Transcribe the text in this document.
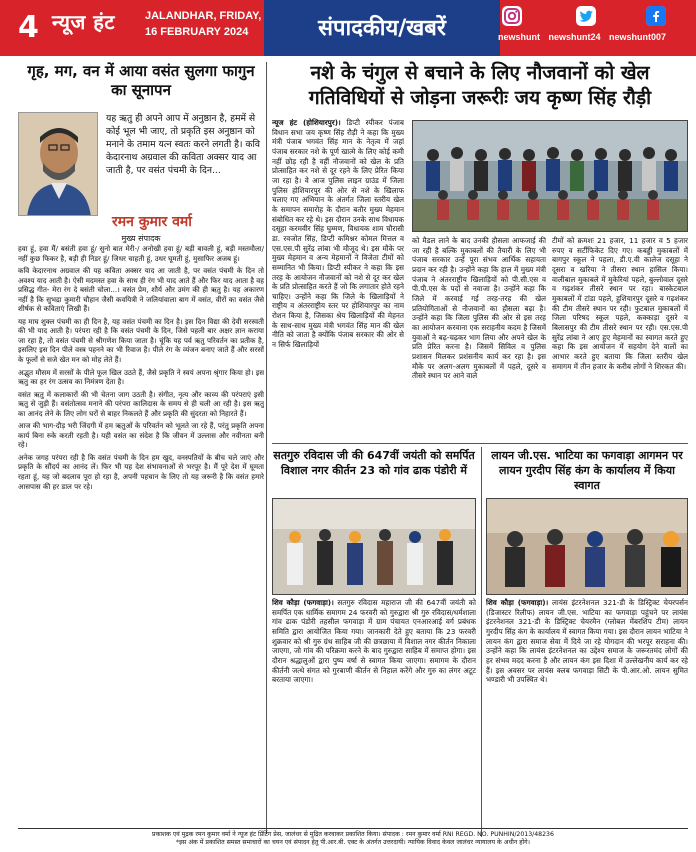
4 न्यूज हंट	JALANDHAR, FRIDAY,
16 FEBRUARY 2024	संपादकीय/खबरें	newshunt newshunt24 newshunt007
गृह, मग, वन में आया वसंत सुलगा फागुन का सूनापन
यह ऋतु ही अपने आप में अनुष्ठान है, हममें से कोई भूल भी जाए, तो प्रकृति इस अनुष्ठान को मनाने के तमाम यत्न स्वतः करने लगती है। कवि केदारनाथ अग्रवाल की कविता अक्सर याद आ जाती है, पर वसंत पंचमी के दिन...
रमन कुमार वर्मा
मुख्य संपादक

हवा हूं, हवा मैं/ बसंती हवा हूं/ सुनो बात मेरी-/ अनोखी हवा हूं/ बड़ी बावली हूं, बड़ी मस्तमौला/ नहीं कुछ फिकर है, बड़ी ही निडर हूं/ जिधर चाहती हूं, उधर घूमती हूं, मुसाफिर अजब हूं।

कवि केदारनाथ अग्रवाल की यह कविता अक्सर याद आ जाती है, पर वसंत पंचमी के दिन तो अवश्य याद आती है। ऐसी मदमस्त हवा के साथ ही रंग भी याद आते हैं और फिर याद आता है वह प्रसिद्ध गीत- मेरा रंग दे बसंती चोला...। वसंत प्रेम, शौर्य और उमंग की ही ऋतु है। यह अकारण नहीं है कि सुभद्रा कुमारी चौहान जैसी कवयित्री ने जलियांवाला बाग में वसंत, वीरों का वसंत जैसे शीर्षक से कविताएं लिखी हैं।

यह माघ शुक्ल पंचमी का ही दिन है, यह वसंत पंचमी का दिन है। इस दिन विद्या की देवी सरस्वती की भी याद आती है। परंपरा रही है कि वसंत पंचमी के दिन, जिसे पहली बार अक्षर ज्ञान कराया जा रहा है, तो वसंत पंचमी से श्रीगणेश किया जाता है। चूंकि यह पर्व ऋतु परिवर्तन का प्रतीक है, इसलिए इस दिन पीले वस्त्र पहनने का भी रिवाज है। पीले रंग के व्यंजन बनाए जाते हैं और सरसों के फूलों से सजे खेत मन को मोह लेते हैं।

अद्भुत मौसम में सरसों के पीले फूल खिल उठते हैं, जैसे प्रकृति ने स्वयं अपना श्रृंगार किया हो। इस ऋतु का हर रंग उत्सव का निमंत्रण देता है।

वसंत ऋतु में कलाकारों की भी चेतना जाग उठती है। संगीत, नृत्य और काव्य की परंपराएं इसी ऋतु से जुड़ी हैं। वसंतोत्सव मनाने की परंपरा कालिदास के समय से ही चली आ रही है। इस ऋतु का आनंद लेने के लिए लोग घरों से बाहर निकलते हैं और प्रकृति की सुंदरता को निहारते हैं।

आज की भाग-दौड़ भरी जिंदगी में हम ऋतुओं के परिवर्तन को भूलते जा रहे हैं, परंतु प्रकृति अपना कार्य बिना रुके करती रहती है। यही वसंत का संदेश है कि जीवन में उल्लास और नवीनता बनी रहे।

अनेक जगह परंपरा रही है कि वसंत पंचमी के दिन हम खुद, वनस्पतियों के बीच चले जाएं और प्रकृति के सौंदर्य का आनंद लें। फिर भी यह देश संभावनाओं से भरपूर है। मैं पूरे देश में घूमता रहता हूं, यह जो बदलाव पूरा हो रहा है, अपनी पहचान के लिए तो यह जरूरी है कि वसंत हमारे आसपास की हर डाल पर रहे।

नशे के चंगुल से बचाने के लिए नौजवानों को खेल गतिविधियों से जोड़ना जरूरीः जय कृष्ण सिंह रौड़ी
न्यूज हंट (होशियारपुर)। डिप्टी स्पीकर पंजाब विधान सभा जय कृष्ण सिंह रौड़ी ने कहा कि मुख्य मंत्री पंजाब भगवंत सिंह मान के नेतृत्व में जहां पंजाब सरकार नशे के पूर्ण खात्मे के लिए कोई कमी नहीं छोड़ रही है वहीं नौजवानों को खेल के प्रति प्रोत्साहित कर नशे से दूर रहने के लिए प्रेरित किया जा रहा है। वे आज पुलिस लाइन ग्राउंड में जिला पुलिस होशियारपुर की ओर से नशे के खिलाफ चलाए गए अभियान के अंतर्गत जिला स्तरीय खेल के समापन समारोह के दौरान बतौर मुख्य मेहमान संबोधित कर रहे थे। इस दौरान उनके साथ विधायक दसूहा करमवीर सिंह घुम्मण, विधायक शाम चौरासी डा. रवजोत सिंह, डिप्टी कमिश्नर कोमल मित्तल व एस.एस.पी सुरेंद्र लांबा भी मौजूद थे। इस मौके पर मुख्य मेहमान व अन्य मेहमानों ने विजेता टीमों को सम्मानित भी किया। डिप्टी स्पीकर ने कहा कि इस तरह के आयोजन नौजवानों को नशे से दूर कर खेल के प्रति प्रोत्साहित करते हैं जो कि लगातार होते रहने चाहिए। उन्होंने कहा कि जिले के खिलाड़ियों ने राष्ट्रीय व अंतरराष्ट्रीय स्तर पर होशियारपुर का नाम रोशन किया है, जिसका श्रेय खिलाड़ियों की मेहनत के साथ-साथ मुख्य मंत्री भगवंत सिंह मान की खेल नीति को जाता है क्योंकि पंजाब सरकार की ओर से न सिर्फ खिलाड़ियों
को मैडल लाने के बाद उनकी हौसला आफजाई की जा रही है बल्कि मुकाबलों की तैयारी के लिए भी पंजाब सरकार उन्हें पूरा संभव आर्थिक सहायता प्रदान कर रही है। उन्होंने कहा कि हाल में मुख्य मंत्री पंजाब ने अंतरराष्ट्रीय खिलाड़ियों को पी.सी.एस व पी.पी.एस के पदों से नवाजा है। उन्होंने कहा कि जिले में करवाई गई तरह-तरह की खेल प्रतियोगिताओं से नौजवानों का हौसला बढ़ा है। उन्होंने कहा कि जिला पुलिस की ओर से इस तरह का आयोजन करवाना एक सराहनीय कदम है जिसमें युवाओं ने बढ़-चढ़कर भाग लिया और अपने खेल के प्रति प्रेरित करना है। जिसमें सिविल व पुलिस प्रशासन मिलकर प्रशंसनीय कार्य कर रहा है। इस मौके पर अलग-अलग मुकाबलों में पहले, दूसरे व तीसरे स्थान पर आने वाले
टीमों को क्रमशः 21 हजार, 11 हजार व 5 हजार रुपए व सर्टीफिकेट दिए गए। कबड्डी मुकाबलों में बागपुर स्कूल ने पहला, डी.ए.वी कालेज दसूहा ने दूसरा व खरिया ने तीसरा स्थान हासिल किया। वालीबाल मुकाबले में मुकेरियां पहले, बुल्लोवाल दूसरे व गढ़शंकर तीसरे स्थान पर रहा। बास्केटबाल मुकाबलों में टांडा पहले, हुशियारपुर दूसरे व गढ़शंकर की टीम तीसरे स्थान पर रही। फुटबाल मुकाबलों में जिला परिषद स्कूल पहले, कक्काड़ा दूसरे व बिलासपुर की टीम तीसरे स्थान पर रही। एस.एस.पी सुरेंद्र लांबा ने आए हुए मेहमानों का स्वागत करते हुए कहा कि इस आयोजन में सहयोग देने वालों का आभार करते हुए बताया कि जिला स्तरीय खेल समागम में तीन हजार के करीब लोगों ने शिरकत की।
सतगुरु रविदास जी की 647वीं जयंती को समर्पित विशाल नगर कीर्तन 23 को गांव ढाक पंडोरी में
शिव कौड़ा (फगवाड़ा)। सतगुरु रविदास महाराज जी की 647वीं जयंती को समर्पित एक धार्मिक समागम 24 फरवरी को गुरुद्वारा श्री गुरु रविदास/धर्मशाला गांव ढाक पंडोरी तहसील फगवाड़ा में ग्राम पंचायत एनआरआई वर्ग प्रबंधक समिति द्वारा आयोजित किया गया। जानकारी देते हुए बताया कि 23 फरवरी शुक्रवार को श्री गुरु ग्रंथ साहिब जी की छत्रछाया में विशाल नगर कीर्तन निकाला जाएगा, जो गांव की परिक्रमा करने के बाद गुरुद्वारा साहिब में समाप्त होगा। इस दौरान श्रद्धालुओं द्वारा पुष्प वर्षा से स्वागत किया जाएगा। समागम के दौरान कीर्तनी जत्थे संगत को गुरबाणी कीर्तन से निहाल करेंगे और गुरु का लंगर अटूट बरताया जाएगा।
लायन जी.एस. भाटिया का फगवाड़ा आगमन पर लायन गुरदीप सिंह कंग के कार्यालय में किया स्वागत
शिव कौड़ा (फगवाड़ा)। लायंस इंटरनेशनल 321-डी के डिस्ट्रिक्ट चेयरपर्सन (डिजास्टर रिलीफ) लायन जी.एस. भाटिया का फगवाड़ा पहुंचने पर लायंस इंटरनेशनल 321-डी के डिस्ट्रिक्ट चेयरमैन (ग्लोबल मेंबरशिप टीम) लायन गुरदीप सिंह कंग के कार्यालय में स्वागत किया गया। इस दौरान लायन भाटिया ने लायन कंग द्वारा समाज सेवा में दिये जा रहे योगदान की भरपूर सराहना की। उन्होंने कहा कि लायंस इंटरनेशनल का उद्देश्य समाज के जरूरतमंद लोगों की हर संभव मदद करना है और लायन कंग इस दिशा में उल्लेखनीय कार्य कर रहे हैं। इस अवसर पर लायंस क्लब फगवाड़ा सिटी के पी.आर.ओ. लायन सुमित भण्डारी भी उपस्थित थे।
प्रकाशक एवं मुद्रक रमन कुमार वर्मा ने न्यूज हंट प्रिंटिंग प्रेस, जालंधर से मुद्रित करवाकर प्रकाशित किया। संपादक : रमन कुमार वर्मा RNI REGD. NO. PUNHIN/2013/48236
*इस अंक में प्रकाशित समस्त समाचारों का चयन एवं संपादन हेतु पी.आर.बी. एक्ट के अंतर्गत उत्तरदायी। न्यायिक विवाद केवल जालंधर न्यायालय के अधीन होंगे।
